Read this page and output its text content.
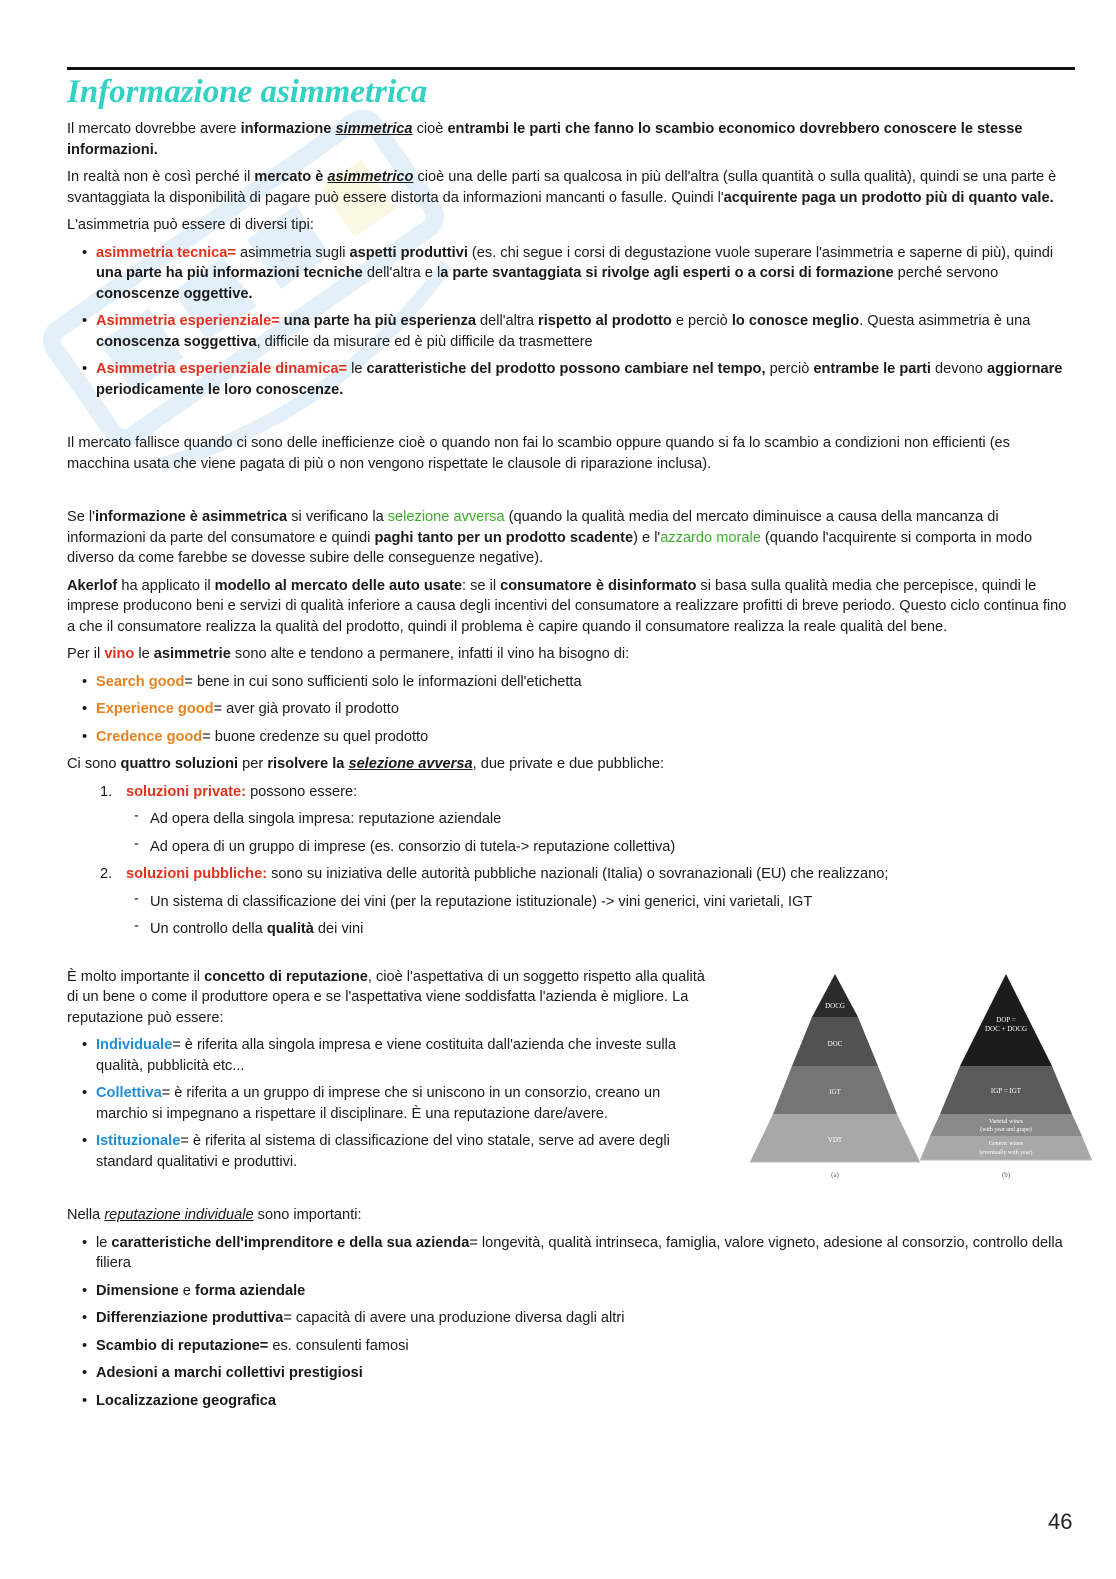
Informazione asimmetrica

Il mercato dovrebbe avere informazione simmetrica cioè entrambi le parti che fanno lo scambio economico dovrebbero conoscere le stesse informazioni.

In realtà non è così perché il mercato è asimmetrico cioè una delle parti sa qualcosa in più dell'altra (sulla quantità o sulla qualità), quindi se una parte è svantaggiata la disponibilità di pagare può essere distorta da informazioni mancanti o fasulle. Quindi l'acquirente paga un prodotto più di quanto vale.

L'asimmetria può essere di diversi tipi:

• asimmetria tecnica= asimmetria sugli aspetti produttivi (es. chi segue i corsi di degustazione vuole superare l'asimmetria e saperne di più), quindi una parte ha più informazioni tecniche dell'altra e la parte svantaggiata si rivolge agli esperti o a corsi di formazione perché servono conoscenze oggettive.
• Asimmetria esperienziale= una parte ha più esperienza dell'altra rispetto al prodotto e perciò lo conosce meglio. Questa asimmetria è una conoscenza soggettiva, difficile da misurare ed è più difficile da trasmettere
• Asimmetria esperienziale dinamica= le caratteristiche del prodotto possono cambiare nel tempo, perciò entrambe le parti devono aggiornare periodicamente le loro conoscenze.

Il mercato fallisce quando ci sono delle inefficienze cioè o quando non fai lo scambio oppure quando si fa lo scambio a condizioni non efficienti (es macchina usata che viene pagata di più o non vengono rispettate le clausole di riparazione inclusa).

Se l'informazione è asimmetrica si verificano la selezione avversa (quando la qualità media del mercato diminuisce a causa della mancanza di informazioni da parte del consumatore e quindi paghi tanto per un prodotto scadente) e l'azzardo morale (quando l'acquirente si comporta in modo diverso da come farebbe se dovesse subire delle conseguenze negative).

Akerlof ha applicato il modello al mercato delle auto usate: se il consumatore è disinformato si basa sulla qualità media che percepisce, quindi le imprese producono beni e servizi di qualità inferiore a causa degli incentivi del consumatore a realizzare profitti di breve periodo. Questo ciclo continua fino a che il consumatore realizza la qualità del prodotto, quindi il problema è capire quando il consumatore realizza la reale qualità del bene.

Per il vino le asimmetrie sono alte e tendono a permanere, infatti il vino ha bisogno di:

• Search good= bene in cui sono sufficienti solo le informazioni dell'etichetta
• Experience good= aver già provato il prodotto
• Credence good= buone credenze su quel prodotto

Ci sono quattro soluzioni per risolvere la selezione avversa, due private e due pubbliche:

1. soluzioni private: possono essere:
- Ad opera della singola impresa: reputazione aziendale
- Ad opera di un gruppo di imprese (es. consorzio di tutela-> reputazione collettiva)
2. soluzioni pubbliche: sono su iniziativa delle autorità pubbliche nazionali (Italia) o sovranazionali (EU) che realizzano;
- Un sistema di classificazione dei vini (per la reputazione istituzionale) -> vini generici, vini varietali, IGT
- Un controllo della qualità dei vini

È molto importante il concetto di reputazione, cioè l'aspettativa di un soggetto rispetto alla qualità di un bene o come il produttore opera e se l'aspettativa viene soddisfatta l'azienda è migliore. La reputazione può essere:

• Individuale= è riferita alla singola impresa e viene costituita dall'azienda che investe sulla qualità, pubblicità etc...
• Collettiva= è riferita a un gruppo di imprese che si uniscono in un consorzio, creano un marchio si impegnano a rispettare il disciplinare. È una reputazione dare/avere.
• Istituzionale= è riferita al sistema di classificazione del vino statale, serve ad avere degli standard qualitativi e produttivi.
DOCG
DOC
IGT
VDT
(a)
DOP =
DOC + DOCG
IGP = IGT
Varietal wines
(with year and grape)
Generic wines
(eventually with year)
(b)

Nella reputazione individuale sono importanti:

• le caratteristiche dell'imprenditore e della sua azienda= longevità, qualità intrinseca, famiglia, valore vigneto, adesione al consorzio, controllo della filiera
• Dimensione e forma aziendale
• Differenziazione produttiva= capacità di avere una produzione diversa dagli altri
• Scambio di reputazione= es. consulenti famosi
• Adesioni a marchi collettivi prestigiosi
• Localizzazione geografica
46
